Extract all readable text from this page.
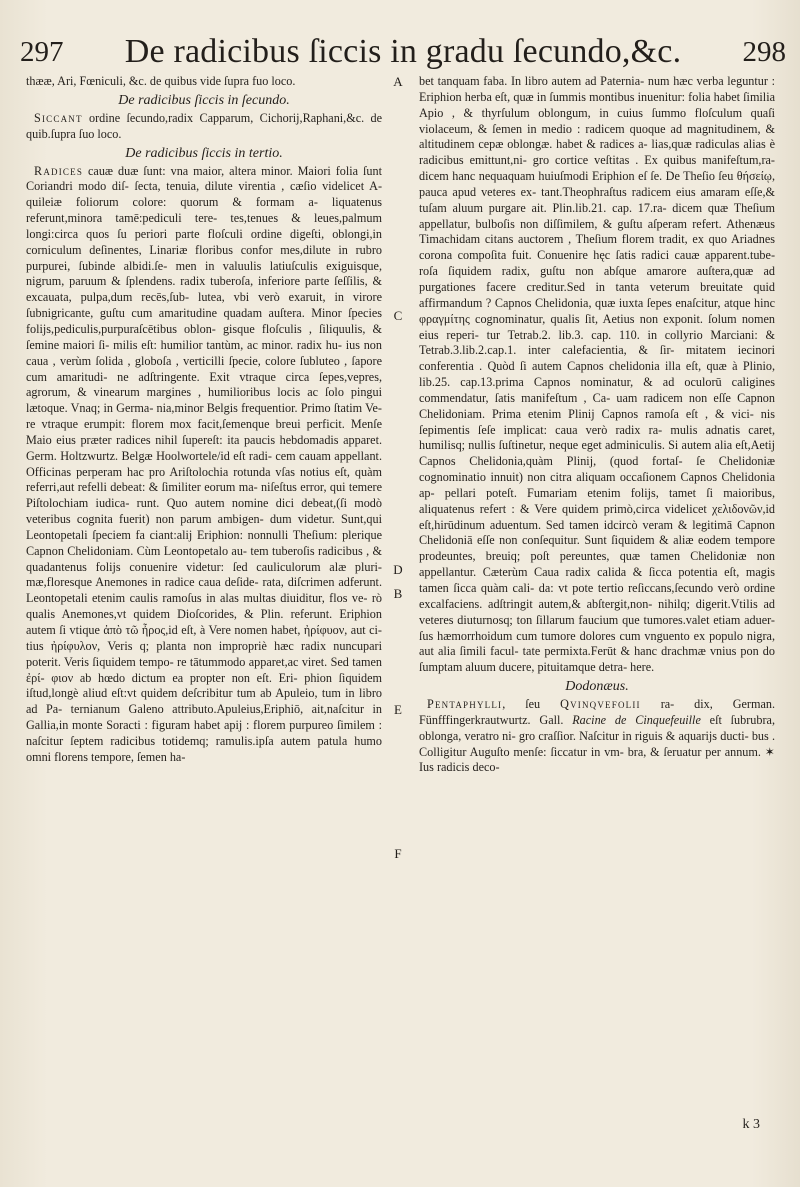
297	De radicibus ſiccis in gradu ſecundo,&c.	298

thææ, Ari, Fœniculi, &c. de quibus vide ſupra fuo loco.

De radicibus ſiccis in ſecundo.

Siccant ordine ſecundo,radix Capparum, Cichorij,Raphani,&c. de quib.ſupra ſuo loco.

De radicibus ſiccis in tertio.

Radices cauæ duæ ſunt: vna maior, altera minor. Maiori folia ſunt Coriandri modo diſ- ſecta, tenuia, dilute virentia , cæſio videlicet A- quileiæ foliorum colore: quorum & formam a- liquatenus referunt,minora tamē:pediculi tere- tes,tenues & leues,palmum longi:circa quos ſu periori parte floſculi ordine digeſti, oblongi,in corniculum deſinentes, Linariæ floribus confor mes,dilute in rubro purpurei, ſubinde albidi.ſe- men in valuulis latiuſculis exiguisque, nigrum, paruum & ſplendens. radix tuberoſa, inferiore parte ſeſſilis, & excauata, pulpa,dum recēs,ſub- lutea, vbi verò exaruit, in virore ſubnigricante, guſtu cum amaritudine quadam auſtera. Minor ſpecies folijs,pediculis,purpuraſcētibus oblon- gisque floſculis , ſiliquulis, & ſemine maiori ſi- milis eſt: humilior tantùm, ac minor. radix hu- ius non caua , verùm ſolida , globoſa , verticilli ſpecie, colore ſubluteo , ſapore cum amaritudi- ne adſtringente. Exit vtraque circa ſepes,vepres, agrorum, & vinearum margines , humilioribus locis ac ſolo pingui lætoque. Vnaq; in Germa- nia,minor Belgis frequentior. Primo ſtatim Ve- re vtraque erumpit: florem mox facit,ſemenque breui perficit. Menſe Maio eius præter radices nihil ſupereſt: ita paucis hebdomadis apparet. Germ. Holtzwurtz. Belgæ Hoolwortele/id eſt radi- cem cauam appellant. Officinas perperam hac pro Ariſtolochia rotunda vſas notius eſt, quàm referri,aut refelli debeat: & ſimiliter eorum ma- niſeſtus error, qui temere Piſtolochiam iudica- runt. Quo autem nomine dici debeat,(ſi modò veteribus cognita fuerit) non parum ambigen- dum videtur. Sunt,qui Leontopetali ſpeciem fa ciant:alij Eriphion: nonnulli Theſium: plerique Capnon Chelidoniam. Cùm Leontopetalo au- tem tuberoſis radicibus , & quadantenus folijs conuenire videtur: ſed cauliculorum alæ pluri- mæ,floresque Anemones in radice caua deſide- rata, diſcrimen adferunt. Leontopetali etenim caulis ramoſus in alas multas diuiditur, flos ve- rò qualis Anemones,vt quidem Dioſcorides, & Plin. referunt. Eriphion autem ſi vtique ἀπὸ τῶ ἦρος,id eſt, à Vere nomen habet, ἠρίφυον, aut ci- tius ἠρίφυλον, Veris q; planta non impropriè hæc radix nuncupari poterit. Veris ſiquidem tempo- re tātummodo apparet,ac viret. Sed tamen ἐρί- φιον ab hœdo dictum ea propter non eſt. Eri- phion ſiquidem iſtud,longè aliud eſt:vt quidem deſcribitur tum ab Apuleio, tum in libro ad Pa- ternianum Galeno attributo.Apuleius,Eriphiō, ait,naſcitur in Gallia,in monte Soracti : figuram habet apij : florem purpureo ſimilem : naſcitur ſeptem radicibus totidemq; ramulis.ipſa autem patula humo omni florens tempore, ſemen ha-

A
B
C
D
E
F

bet tanquam faba. In libro autem ad Paternia- num hæc verba leguntur : Eriphion herba eſt, quæ in ſummis montibus inuenitur: folia habet ſimilia Apio , & thyrſulum oblongum, in cuius ſummo floſculum quaſi violaceum, & ſemen in medio : radicem quoque ad magnitudinem, & altitudinem cepæ oblongæ. habet & radices a- lias,quæ radiculas alias è radicibus emittunt,ni- gro cortice veſtitas . Ex quibus manifeſtum,ra- dicem hanc nequaquam huiuſmodi Eriphion eſ ſe. De Theſio ſeu θήσείῳ, pauca apud veteres ex- tant.Theophraſtus radicem eius amaram eſſe,& tuſam aluum purgare ait. Plin.lib.21. cap. 17.ra- dicem quæ Theſium appellatur, bulboſis non diſſimilem, & guſtu aſperam refert. Athenæus Timachidam citans auctorem , Theſium florem tradit, ex quo Ariadnes corona compoſita fuit. Conuenire hęc ſatis radici cauæ apparent.tube- roſa ſiquidem radix, guſtu non abſque amarore auſtera,quæ ad purgationes facere creditur.Sed in tanta veterum breuitate quid affirmandum ? Capnos Chelidonia, quæ iuxta ſepes enaſcitur, atque hinc φραγμίτης cognominatur, qualis ſit, Aetius non exponit. ſolum nomen eius reperi- tur Tetrab.2. lib.3. cap. 110. in collyrio Marciani: & Tetrab.3.lib.2.cap.1. inter calefacientia, & ſir- mitatem iecinori conferentia . Quòd ſi autem Capnos chelidonia illa eſt, quæ à Plinio, lib.25. cap.13.prima Capnos nominatur, & ad oculorū caligines commendatur, ſatis manifeſtum , Ca- uam radicem non eſſe Capnon Chelidoniam. Prima etenim Plinij Capnos ramoſa eſt , & vici- nis ſepimentis ſeſe implicat: caua verò radix ra- mulis adnatis caret, humilisq; nullis ſuſtinetur, neque eget adminiculis. Si autem alia eſt,Aetij Capnos Chelidonia,quàm Plinij, (quod fortaſ- ſe Chelidoniæ cognominatio innuit) non citra aliquam occaſionem Capnos Chelidonia ap- pellari poteſt. Fumariam etenim folijs, tamet ſi maioribus, aliquatenus refert : & Vere quidem primò,circa videlicet χελιδονῶν,id eſt,hirūdinum aduentum. Sed tamen idcircò veram & legitimā Capnon Chelidoniā eſſe non conſequitur. Sunt ſiquidem & aliæ eodem tempore prodeuntes, breuiq; poſt pereuntes, quæ tamen Chelidoniæ non appellantur. Cæterùm Caua radix calida & ſicca potentia eſt, magis tamen ſicca quàm cali- da: vt pote tertio reſiccans,ſecundo verò ordine excalfaciens. adſtringit autem,& abſtergit,non- nihilq; digerit.Vtilis ad veteres diuturnosq; ton ſillarum faucium que tumores.valet etiam aduer- ſus hæmorrhoidum cum tumore dolores cum vnguento ex populo nigra, aut alia ſimili facul- tate permixta.Ferūt & hanc drachmæ vnius pon do ſumptam aluum ducere, pituitamque detra- here.

Dodonæus.

Pentaphylli, ſeu Qvinqvefolii ra- dix, German. Fünfffingerkrautwurtz. Gall. Racine de Cinquefeuille eſt ſubrubra, oblonga, veratro ni- gro craſſior. Naſcitur in riguis & aquarijs ducti- bus . Colligitur Auguſto menſe: ſiccatur in vm- bra, & ſeruatur per annum. ✶ Ius radicis deco-

k 3
